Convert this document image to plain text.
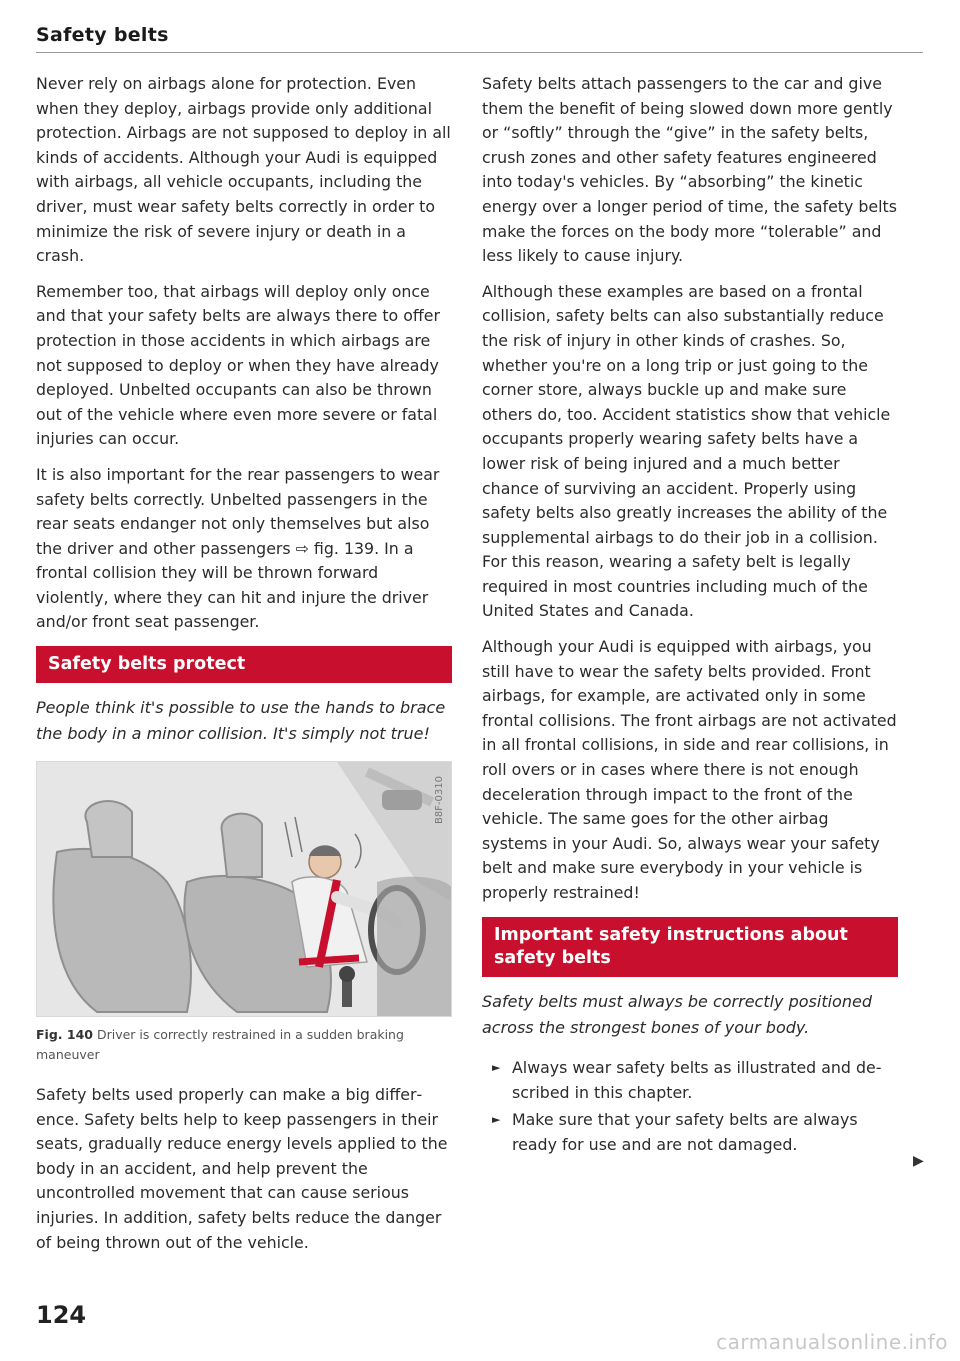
Safety belts

Never rely on airbags alone for protection. Even when they deploy, airbags provide only additional protection. Airbags are not supposed to deploy in all kinds of accidents. Although your Audi is equipped with airbags, all vehicle occupants, including the driver, must wear safety belts correctly in order to minimize the risk of severe injury or death in a crash.

Remember too, that airbags will deploy only once and that your safety belts are always there to offer protection in those accidents in which airbags are not supposed to deploy or when they have already deployed. Unbelted occupants can also be thrown out of the vehicle where even more severe or fatal injuries can occur.

It is also important for the rear passengers to wear safety belts correctly. Unbelted passengers in the rear seats endanger not only themselves but also the driver and other passengers ⇨ fig. 139. In a frontal collision they will be thrown forward violently, where they can hit and injure the driver and/or front seat passenger.

Safety belts protect

People think it's possible to use the hands to brace the body in a minor collision. It's simply not true!

B8F-0310
Fig. 140 Driver is correctly restrained in a sudden braking maneuver

Safety belts used properly can make a big difference. Safety belts help to keep passengers in their seats, gradually reduce energy levels applied to the body in an accident, and help prevent the uncontrolled movement that can cause serious injuries. In addition, safety belts reduce the danger of being thrown out of the vehicle.

Safety belts attach passengers to the car and give them the benefit of being slowed down more gently or “softly” through the “give” in the safety belts, crush zones and other safety features engineered into today's vehicles. By “absorbing” the kinetic energy over a longer period of time, the safety belts make the forces on the body more “tolerable” and less likely to cause injury.

Although these examples are based on a frontal collision, safety belts can also substantially reduce the risk of injury in other kinds of crashes. So, whether you're on a long trip or just going to the corner store, always buckle up and make sure others do, too. Accident statistics show that vehicle occupants properly wearing safety belts have a lower risk of being injured and a much better chance of surviving an accident. Properly using safety belts also greatly increases the ability of the supplemental airbags to do their job in a collision. For this reason, wearing a safety belt is legally required in most countries including much of the United States and Canada.

Although your Audi is equipped with airbags, you still have to wear the safety belts provided. Front airbags, for example, are activated only in some frontal collisions. The front airbags are not activated in all frontal collisions, in side and rear collisions, in roll overs or in cases where there is not enough deceleration through impact to the front of the vehicle. The same goes for the other airbag systems in your Audi. So, always wear your safety belt and make sure everybody in your vehicle is properly restrained!

Important safety instructions about safety belts

Safety belts must always be correctly positioned across the strongest bones of your body.

► Always wear safety belts as illustrated and described in this chapter.
► Make sure that your safety belts are always ready for use and are not damaged.
▶
124
carmanualsonline.info
